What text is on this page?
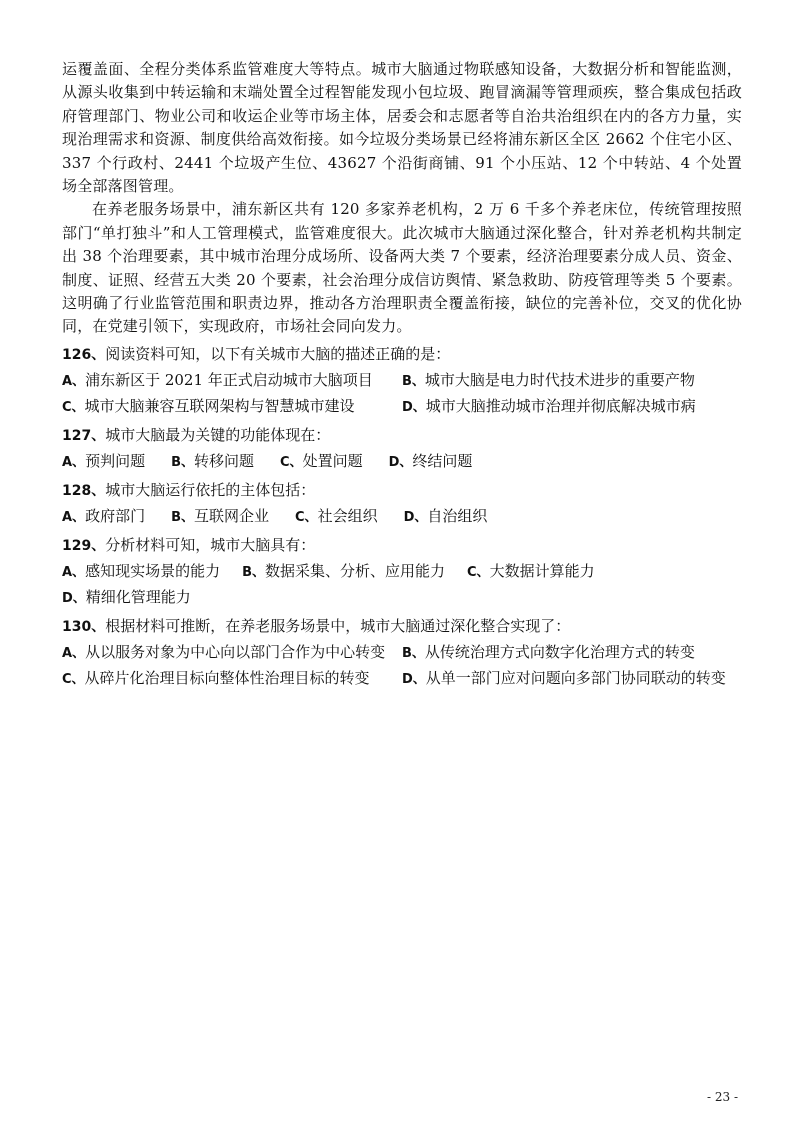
运覆盖面、全程分类体系监管难度大等特点。城市大脑通过物联感知设备，大数据分析和智能监测，从源头收集到中转运输和末端处置全过程智能发现小包垃圾、跑冒滴漏等管理顽疾，整合集成包括政府管理部门、物业公司和收运企业等市场主体，居委会和志愿者等自治共治组织在内的各方力量，实现治理需求和资源、制度供给高效衔接。如今垃圾分类场景已经将浦东新区全区 2662 个住宅小区、337 个行政村、2441 个垃圾产生位、43627 个沿街商铺、91 个小压站、12 个中转站、4 个处置场全部落图管理。

在养老服务场景中，浦东新区共有 120 多家养老机构，2 万 6 千多个养老床位，传统管理按照部门“单打独斗”和人工管理模式，监管难度很大。此次城市大脑通过深化整合，针对养老机构共制定出 38 个治理要素，其中城市治理分成场所、设备两大类 7 个要素，经济治理要素分成人员、资金、制度、证照、经营五大类 20 个要素，社会治理分成信访舆情、紧急救助、防疫管理等类 5 个要素。这明确了行业监管范围和职责边界，推动各方治理职责全覆盖衔接，缺位的完善补位，交叉的优化协同，在党建引领下，实现政府，市场社会同向发力。

126、阅读资料可知，以下有关城市大脑的描述正确的是：

A、浦东新区于 2021 年正式启动城市大脑项目	B、城市大脑是电力时代技术进步的重要产物
C、城市大脑兼容互联网架构与智慧城市建设	D、城市大脑推动城市治理并彻底解决城市病

127、城市大脑最为关键的功能体现在：

A、预判问题 B、转移问题 C、处置问题 D、终结问题

128、城市大脑运行依托的主体包括：

A、政府部门 B、互联网企业 C、社会组织 D、自治组织

129、分析材料可知，城市大脑具有：

A、感知现实场景的能力 B、数据采集、分析、应用能力 C、大数据计算能力
D、精细化管理能力

130、根据材料可推断，在养老服务场景中，城市大脑通过深化整合实现了：

A、从以服务对象为中心向以部门合作为中心转变	B、从传统治理方式向数字化治理方式的转变
C、从碎片化治理目标向整体性治理目标的转变	D、从单一部门应对问题向多部门协同联动的转变
- 23 -
